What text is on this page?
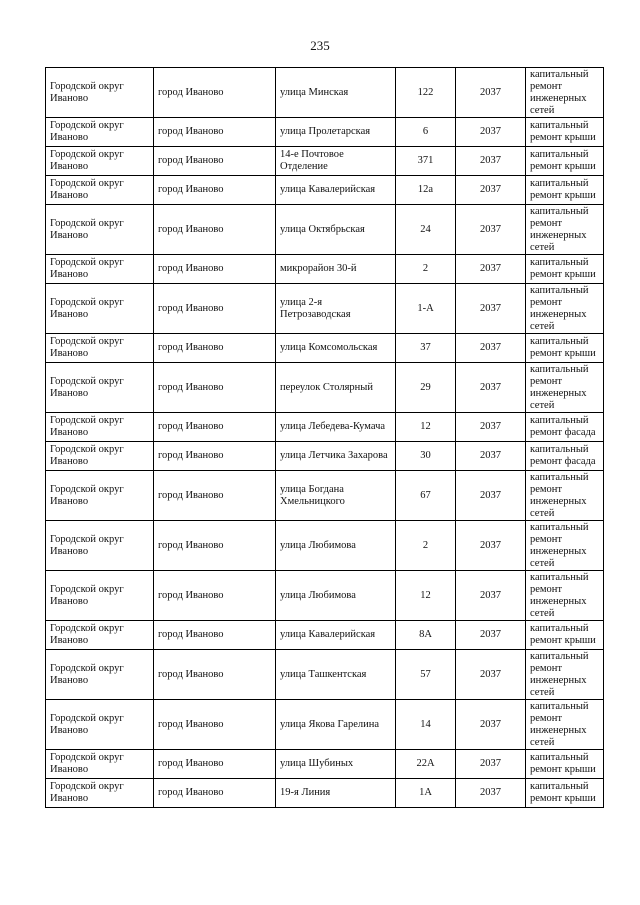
235
Городской округ Иваново	город Иваново	улица Минская	122	2037	капитальный ремонт инженерных сетей
Городской округ Иваново	город Иваново	улица Пролетарская	6	2037	капитальный ремонт крыши
Городской округ Иваново	город Иваново	14-е Почтовое Отделение	371	2037	капитальный ремонт крыши
Городской округ Иваново	город Иваново	улица Кавалерийская	12а	2037	капитальный ремонт крыши
Городской округ Иваново	город Иваново	улица Октябрьская	24	2037	капитальный ремонт инженерных сетей
Городской округ Иваново	город Иваново	микрорайон 30-й	2	2037	капитальный ремонт крыши
Городской округ Иваново	город Иваново	улица 2-я Петрозаводская	1-А	2037	капитальный ремонт инженерных сетей
Городской округ Иваново	город Иваново	улица Комсомольская	37	2037	капитальный ремонт крыши
Городской округ Иваново	город Иваново	переулок Столярный	29	2037	капитальный ремонт инженерных сетей
Городской округ Иваново	город Иваново	улица Лебедева-Кумача	12	2037	капитальный ремонт фасада
Городской округ Иваново	город Иваново	улица Летчика Захарова	30	2037	капитальный ремонт фасада
Городской округ Иваново	город Иваново	улица Богдана Хмельницкого	67	2037	капитальный ремонт инженерных сетей
Городской округ Иваново	город Иваново	улица Любимова	2	2037	капитальный ремонт инженерных сетей
Городской округ Иваново	город Иваново	улица Любимова	12	2037	капитальный ремонт инженерных сетей
Городской округ Иваново	город Иваново	улица Кавалерийская	8А	2037	капитальный ремонт крыши
Городской округ Иваново	город Иваново	улица Ташкентская	57	2037	капитальный ремонт инженерных сетей
Городской округ Иваново	город Иваново	улица Якова Гарелина	14	2037	капитальный ремонт инженерных сетей
Городской округ Иваново	город Иваново	улица Шубиных	22А	2037	капитальный ремонт крыши
Городской округ Иваново	город Иваново	19-я Линия	1А	2037	капитальный ремонт крыши
